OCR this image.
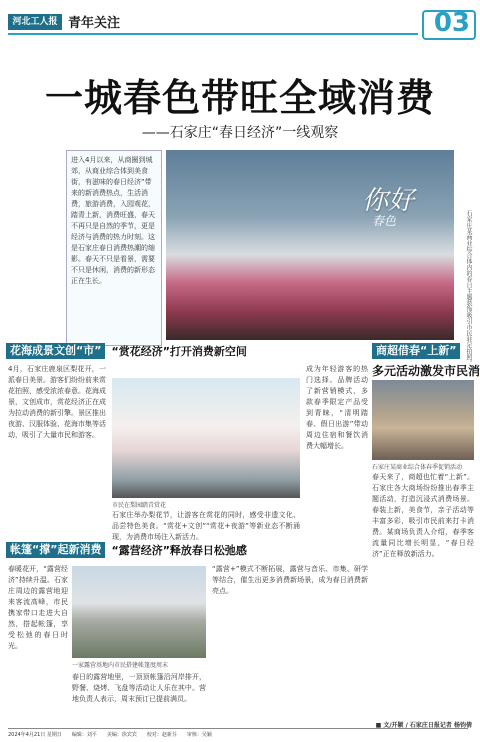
河北工人报 青年关注	03
一城春色带旺全域消费
——石家庄“春日经济”一线观察
进入4月以来，从商圈到城郊，从商业综合体到美食街，有滋味的春日经济”带来的新消费热点，生活消费，旅游消费，入园观花，踏青上新，消费旺盛，春天不再只是自然的季节，更是经济与消费的热力时刻。这是石家庄春日消费热潮的缩影。春天不只是看景，需要不只是休闲，消费的新形态正在生长。
你好
春色	石家庄某商业综合体内的春日主题装饰吸引市民驻足拍照。
花海成景文创“市” “赏花经济”打开消费新空间
4月，石家庄鹿泉区梨花开，一派春日美景。游客们纷纷前来赏花拍照，感受浓浓春意。花海成景，文创成市，赏花经济正在成为拉动消费的新引擎。景区推出夜游、汉服体验、花海市集等活动，吸引了大量市民和游客。
市民在梨园踏青赏花
石家庄举办梨花节，让游客在赏花的同时，感受非遗文化、品尝特色美食。“赏花+文创”“赏花+夜游”等新业态不断涌现，为消费市场注入新活力。
成为年轻游客的热门选择。品牌活动了新营销模式，多款春季限定产品受到青睐，“清明踏春、假日出游”带动周边住宿和餐饮消费大幅增长。
商超借春“上新”
多元活动激发市民消
石家庄某商业综合体春季促销活动
春天来了，商超也忙着“上新”。石家庄各大商场纷纷推出春季主题活动，打造沉浸式消费场景。春装上新，美食节，亲子活动等丰富多彩，吸引市民前来打卡消费。某商场负责人介绍，春季客流量同比增长明显，“春日经济”正在释放新活力。
帐篷“撑”起新消费 “露营经济”释放春日松弛感
春暖花开，“露营经济”持续升温。石家庄周边的露营地迎来客流高峰，市民携家带口走进大自然，搭起帐篷，享受松弛的春日时光。
一家露营基地内市民搭建帐篷度周末
春日的露营地里，一顶顶帐篷沿河岸排开，野餐、烧烤、飞盘等活动让人乐在其中。营地负责人表示，周末预订已提前满员。
“露营+”模式不断拓展，露营与音乐、市集、研学等结合，催生出更多消费新场景，成为春日消费新亮点。
■ 文/开颖 / 石家庄日报记者 杨钧倩
2024年4月21日 星期日 编辑：刘平 美编：徐宾宾 校对：赵新芬 审核：吴颖
